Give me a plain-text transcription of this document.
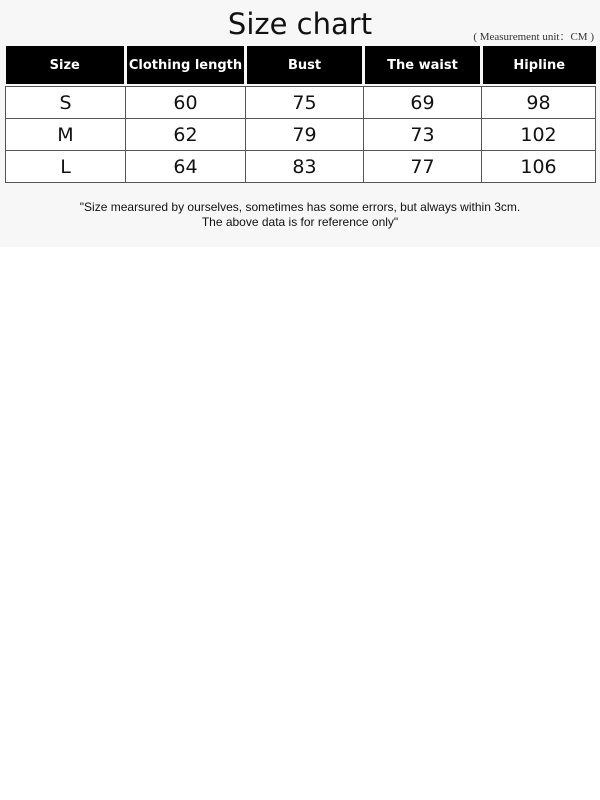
Size chart	( Measurement unit：CM )
Size	Clothing length	Bust	The waist	Hipline

S	60	75	69	98
M	62	79	73	102
L	64	83	77	106
"Size mearsured by ourselves, sometimes has some errors, but always within 3cm.
The above data is for reference only"
